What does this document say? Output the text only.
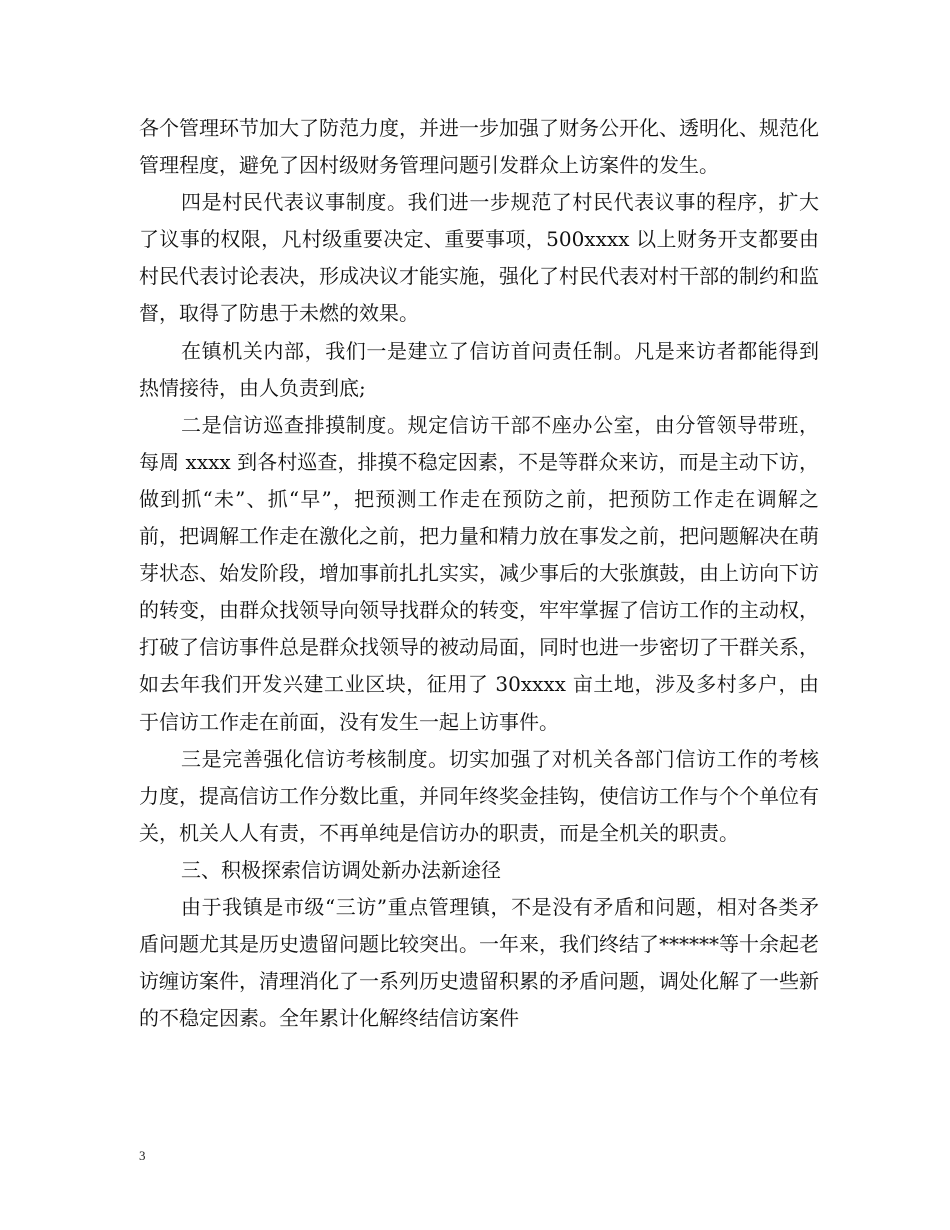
各个管理环节加大了防范力度，并进一步加强了财务公开化、透明化、规范化管理程度，避免了因村级财务管理问题引发群众上访案件的发生。

四是村民代表议事制度。我们进一步规范了村民代表议事的程序，扩大了议事的权限，凡村级重要决定、重要事项，500xxxx 以上财务开支都要由村民代表讨论表决，形成决议才能实施，强化了村民代表对村干部的制约和监督，取得了防患于未燃的效果。

在镇机关内部，我们一是建立了信访首问责任制。凡是来访者都能得到热情接待，由人负责到底;

二是信访巡查排摸制度。规定信访干部不座办公室，由分管领导带班，每周 xxxx 到各村巡查，排摸不稳定因素，不是等群众来访，而是主动下访，做到抓“未”、抓“早”，把预测工作走在预防之前，把预防工作走在调解之前，把调解工作走在激化之前，把力量和精力放在事发之前，把问题解决在萌芽状态、始发阶段，增加事前扎扎实实，减少事后的大张旗鼓，由上访向下访的转变，由群众找领导向领导找群众的转变，牢牢掌握了信访工作的主动权，打破了信访事件总是群众找领导的被动局面，同时也进一步密切了干群关系，如去年我们开发兴建工业区块，征用了 30xxxx 亩土地，涉及多村多户，由于信访工作走在前面，没有发生一起上访事件。

三是完善强化信访考核制度。切实加强了对机关各部门信访工作的考核力度，提高信访工作分数比重，并同年终奖金挂钩，使信访工作与个个单位有关，机关人人有责，不再单纯是信访办的职责，而是全机关的职责。

三、积极探索信访调处新办法新途径

由于我镇是市级“三访”重点管理镇，不是没有矛盾和问题，相对各类矛盾问题尤其是历史遗留问题比较突出。一年来，我们终结了******等十余起老访缠访案件，清理消化了一系列历史遗留积累的矛盾问题，调处化解了一些新的不稳定因素。全年累计化解终结信访案件

3
